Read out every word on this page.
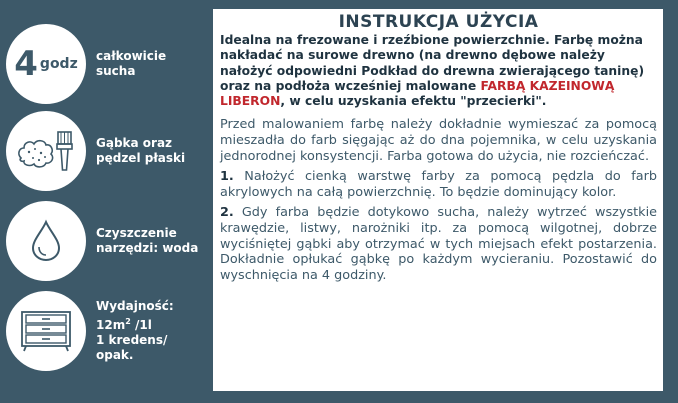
4 godz całkowicie
sucha
Gąbka oraz
pędzel płaski
Czyszczenie
narzędzi: woda
Wydajność:
$12m^2$ /1l
1 kredens/
opak.
INSTRUKCJA UŻYCIA

Idealna na frezowane i rzeźbione powierzchnie. Farbę można nakładać na surowe drewno (na drewno dębowe należy nałożyć odpowiedni Podkład do drewna zwierającego taninę) oraz na podłoża wcześniej malowane FARBĄ KAZEINOWĄ LIBERON, w celu uzyskania efektu "przecierki".

Przed malowaniem farbę należy dokładnie wymieszać za pomocą mieszadła do farb sięgając aż do dna pojemnika, w celu uzyskania jednorodnej konsystencji. Farba gotowa do użycia, nie rozcieńczać.

1. Nałożyć cienką warstwę farby za pomocą pędzla do farb akrylowych na całą powierzchnię. To będzie dominujący kolor.

2. Gdy farba będzie dotykowo sucha, należy wytrzeć wszystkie krawędzie, listwy, narożniki itp. za pomocą wilgotnej, dobrze wyciśniętej gąbki aby otrzymać w tych miejsach efekt postarzenia. Dokładnie opłukać gąbkę po każdym wycieraniu. Pozostawić do wyschnięcia na 4 godziny.
